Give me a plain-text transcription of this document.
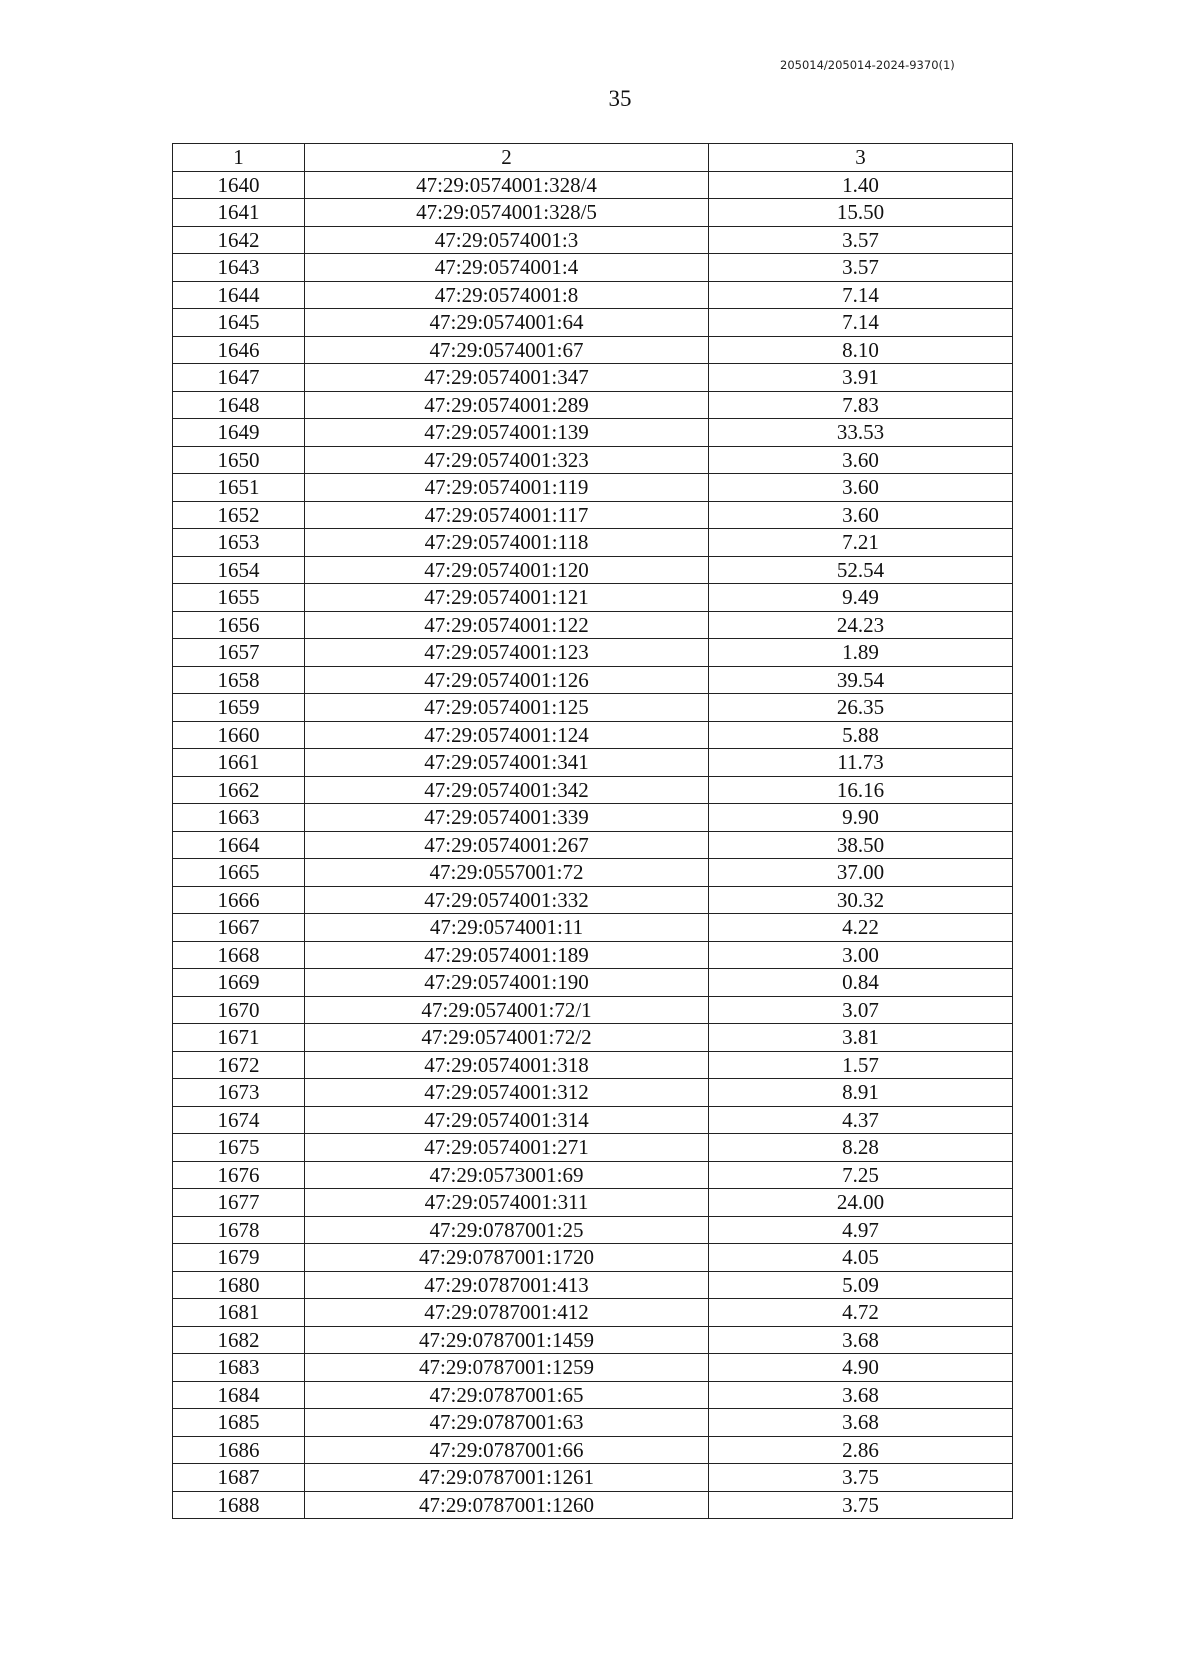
205014/205014-2024-9370(1)
35
1	2	3
1640	47:29:0574001:328/4	1.40
1641	47:29:0574001:328/5	15.50
1642	47:29:0574001:3	3.57
1643	47:29:0574001:4	3.57
1644	47:29:0574001:8	7.14
1645	47:29:0574001:64	7.14
1646	47:29:0574001:67	8.10
1647	47:29:0574001:347	3.91
1648	47:29:0574001:289	7.83
1649	47:29:0574001:139	33.53
1650	47:29:0574001:323	3.60
1651	47:29:0574001:119	3.60
1652	47:29:0574001:117	3.60
1653	47:29:0574001:118	7.21
1654	47:29:0574001:120	52.54
1655	47:29:0574001:121	9.49
1656	47:29:0574001:122	24.23
1657	47:29:0574001:123	1.89
1658	47:29:0574001:126	39.54
1659	47:29:0574001:125	26.35
1660	47:29:0574001:124	5.88
1661	47:29:0574001:341	11.73
1662	47:29:0574001:342	16.16
1663	47:29:0574001:339	9.90
1664	47:29:0574001:267	38.50
1665	47:29:0557001:72	37.00
1666	47:29:0574001:332	30.32
1667	47:29:0574001:11	4.22
1668	47:29:0574001:189	3.00
1669	47:29:0574001:190	0.84
1670	47:29:0574001:72/1	3.07
1671	47:29:0574001:72/2	3.81
1672	47:29:0574001:318	1.57
1673	47:29:0574001:312	8.91
1674	47:29:0574001:314	4.37
1675	47:29:0574001:271	8.28
1676	47:29:0573001:69	7.25
1677	47:29:0574001:311	24.00
1678	47:29:0787001:25	4.97
1679	47:29:0787001:1720	4.05
1680	47:29:0787001:413	5.09
1681	47:29:0787001:412	4.72
1682	47:29:0787001:1459	3.68
1683	47:29:0787001:1259	4.90
1684	47:29:0787001:65	3.68
1685	47:29:0787001:63	3.68
1686	47:29:0787001:66	2.86
1687	47:29:0787001:1261	3.75
1688	47:29:0787001:1260	3.75
